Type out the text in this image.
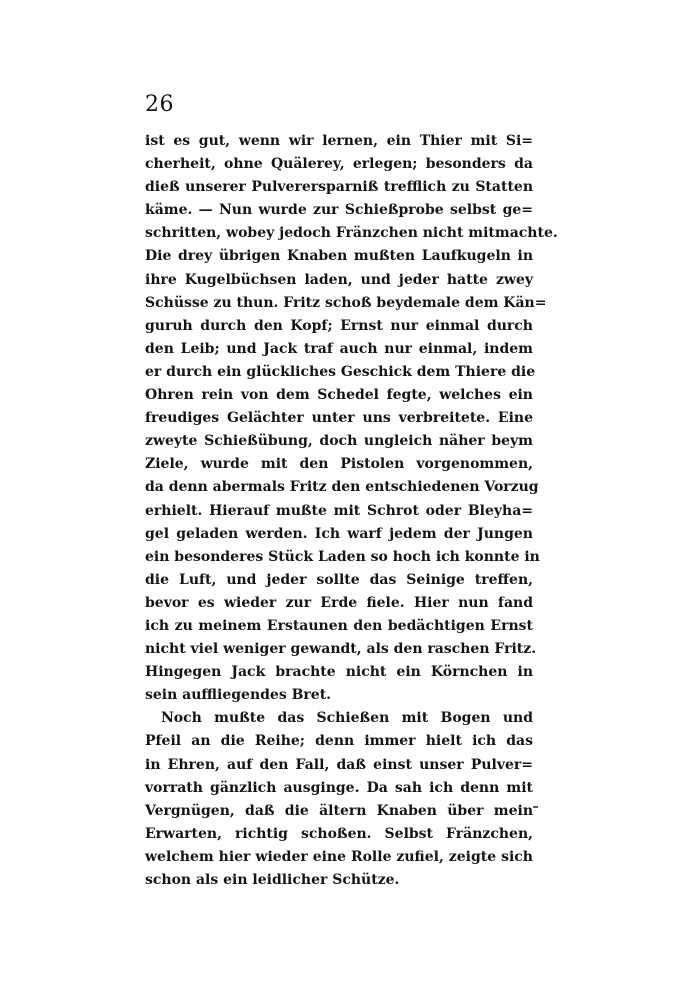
26
ist es gut, wenn wir lernen, ein Thier mit Si=
cherheit, ohne Quälerey, erlegen; besonders da
dieß unserer Pulverersparniß trefflich zu Statten
käme. — Nun wurde zur Schießprobe selbst ge=
schritten, wobey jedoch Fränzchen nicht mitmachte.
Die drey übrigen Knaben mußten Laufkugeln in
ihre Kugelbüchsen laden, und jeder hatte zwey
Schüsse zu thun. Fritz schoß beydemale dem Kän=
guruh durch den Kopf; Ernst nur einmal durch
den Leib; und Jack traf auch nur einmal, indem
er durch ein glückliches Geschick dem Thiere die
Ohren rein von dem Schedel fegte, welches ein
freudiges Gelächter unter uns verbreitete. Eine
zweyte Schießübung, doch ungleich näher beym
Ziele, wurde mit den Pistolen vorgenommen,
da denn abermals Fritz den entschiedenen Vorzug
erhielt. Hierauf mußte mit Schrot oder Bleyha=
gel geladen werden. Ich warf jedem der Jungen
ein besonderes Stück Laden so hoch ich konnte in
die Luft, und jeder sollte das Seinige treffen,
bevor es wieder zur Erde fiele. Hier nun fand
ich zu meinem Erstaunen den bedächtigen Ernst
nicht viel weniger gewandt, als den raschen Fritz.
Hingegen Jack brachte nicht ein Körnchen in
sein auffliegendes Bret.
Noch mußte das Schießen mit Bogen und
Pfeil an die Reihe; denn immer hielt ich das
in Ehren, auf den Fall, daß einst unser Pulver=
vorrath gänzlich ausginge. Da sah ich denn mit
Vergnügen, daß die ältern Knaben über mein
Erwarten, richtig schoßen. Selbst Fränzchen,
welchem hier wieder eine Rolle zufiel, zeigte sich
schon als ein leidlicher Schütze.
